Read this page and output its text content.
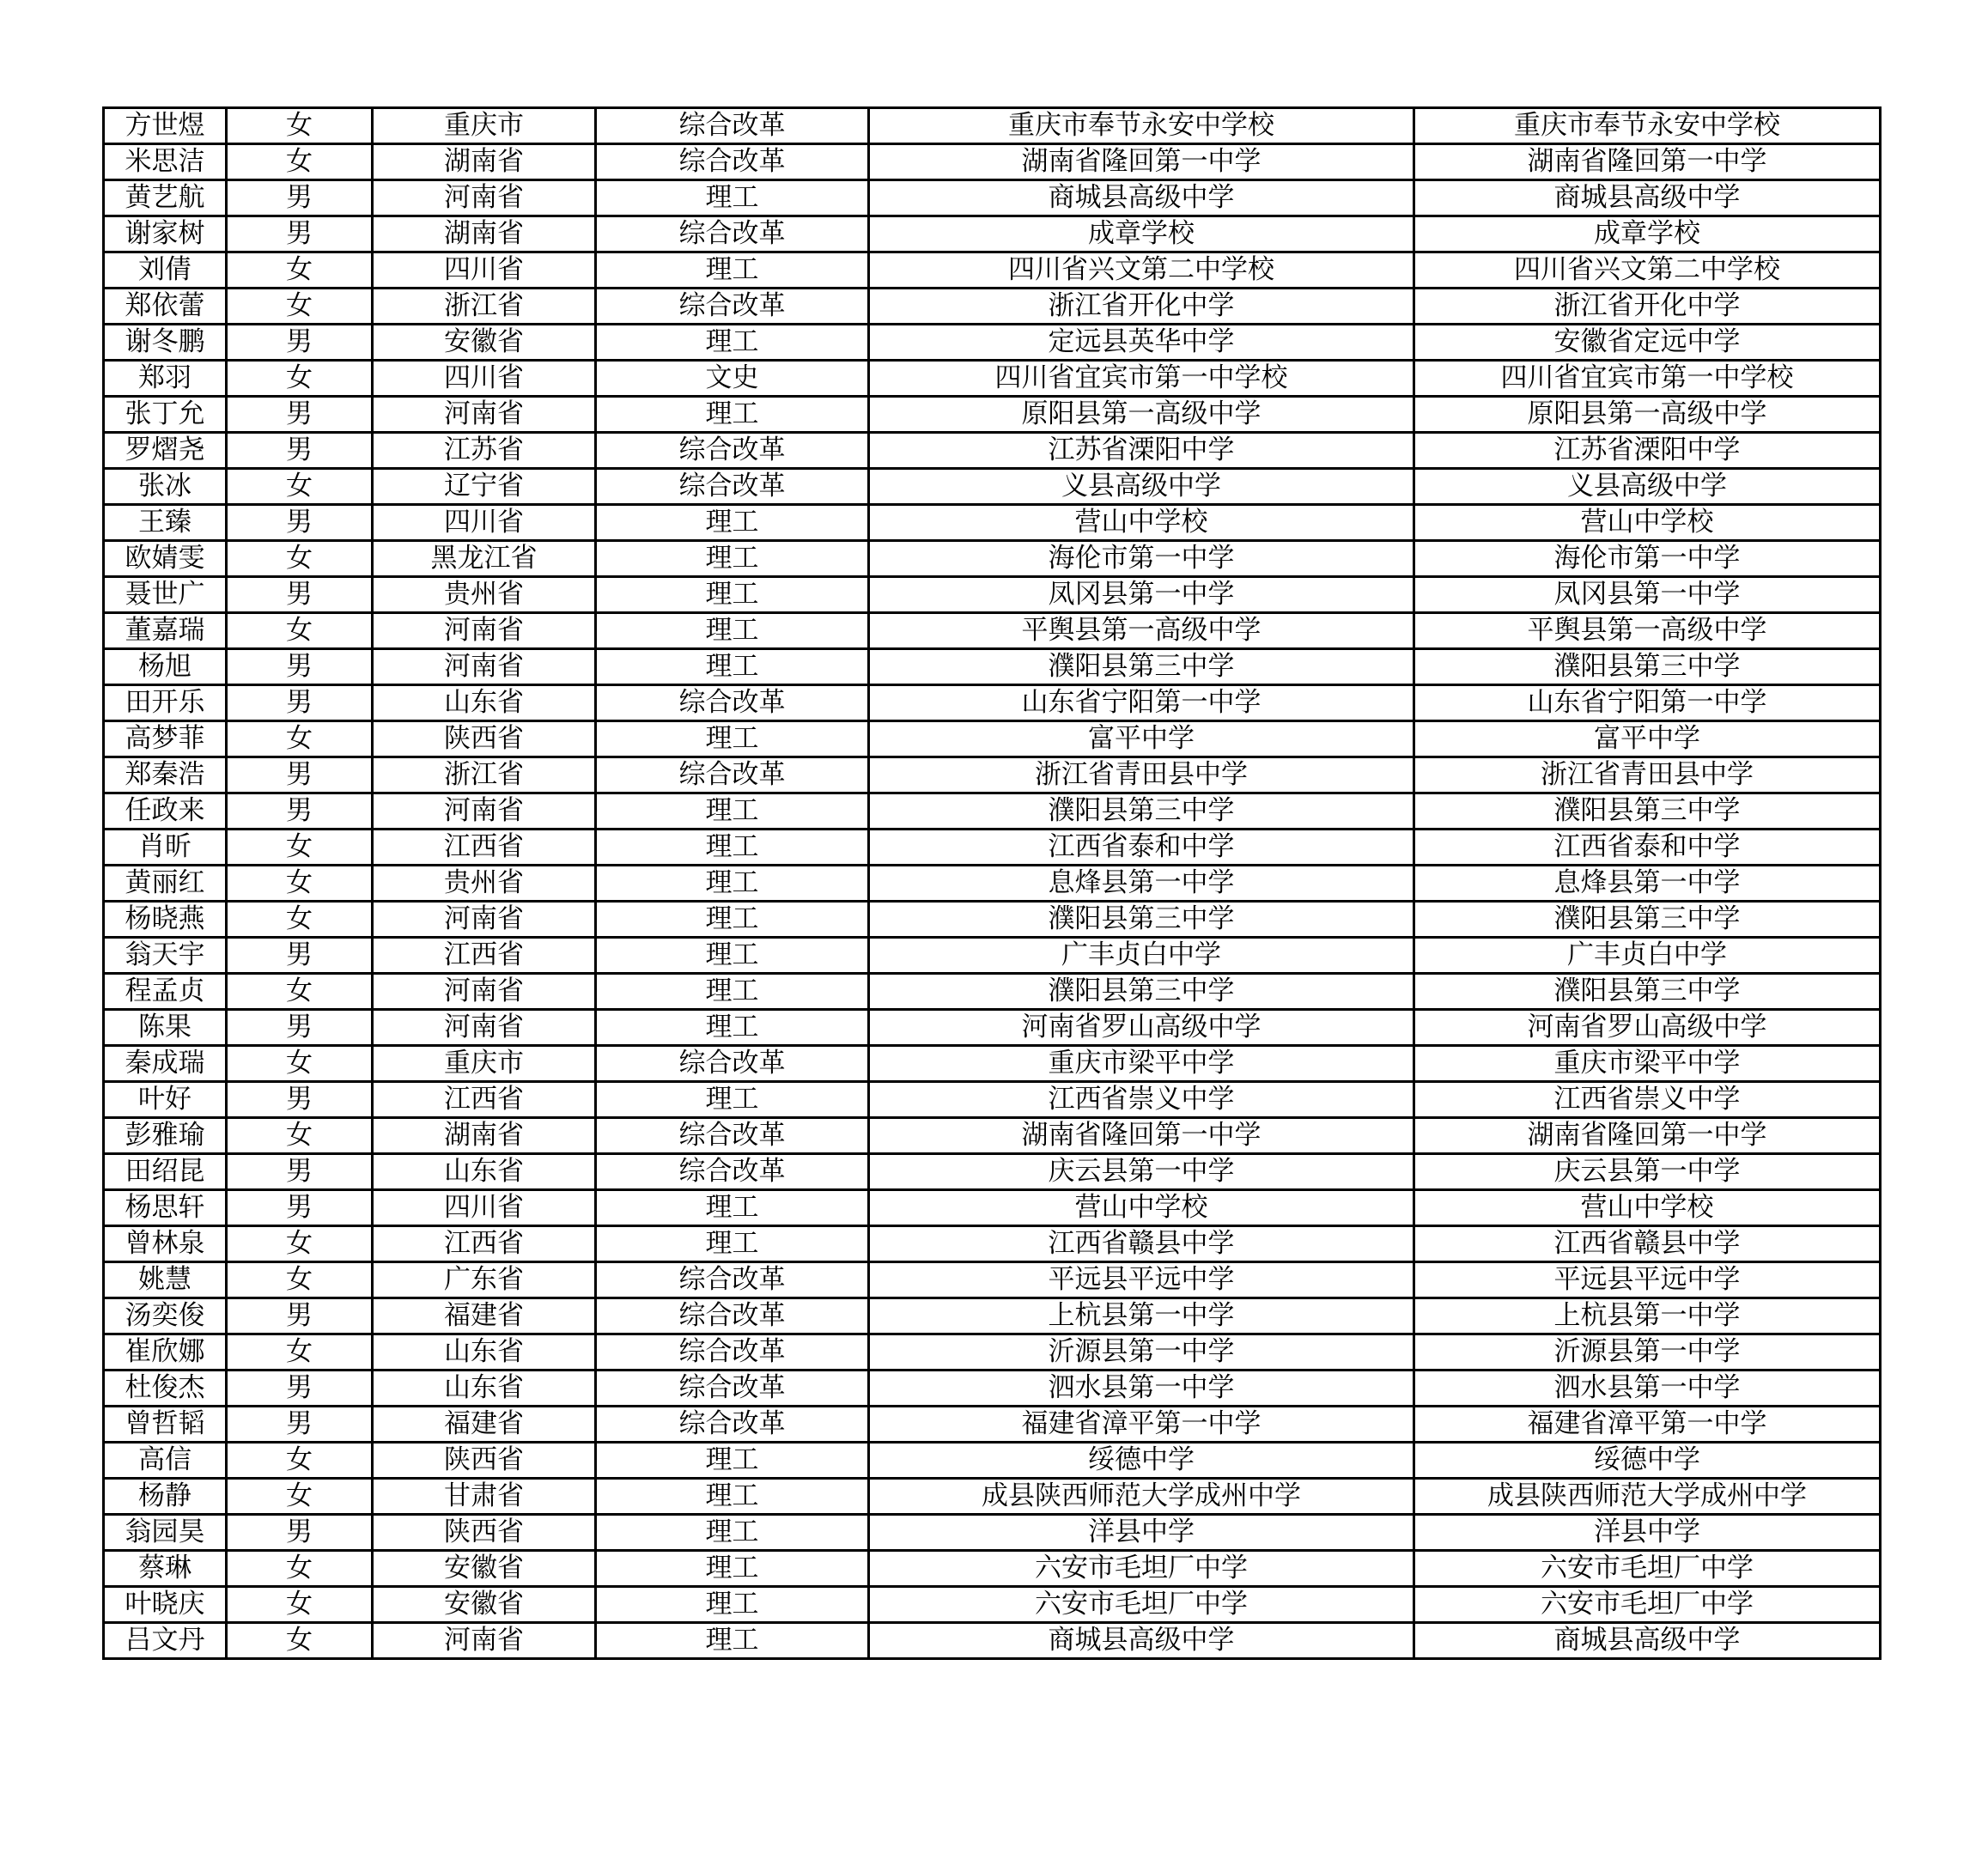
方世煜	女	重庆市	综合改革	重庆市奉节永安中学校	重庆市奉节永安中学校
米思洁	女	湖南省	综合改革	湖南省隆回第一中学	湖南省隆回第一中学
黄艺航	男	河南省	理工	商城县高级中学	商城县高级中学
谢家树	男	湖南省	综合改革	成章学校	成章学校
刘倩	女	四川省	理工	四川省兴文第二中学校	四川省兴文第二中学校
郑依蕾	女	浙江省	综合改革	浙江省开化中学	浙江省开化中学
谢冬鹏	男	安徽省	理工	定远县英华中学	安徽省定远中学
郑羽	女	四川省	文史	四川省宜宾市第一中学校	四川省宜宾市第一中学校
张丁允	男	河南省	理工	原阳县第一高级中学	原阳县第一高级中学
罗熠尧	男	江苏省	综合改革	江苏省溧阳中学	江苏省溧阳中学
张冰	女	辽宁省	综合改革	义县高级中学	义县高级中学
王臻	男	四川省	理工	营山中学校	营山中学校
欧婧雯	女	黑龙江省	理工	海伦市第一中学	海伦市第一中学
聂世广	男	贵州省	理工	凤冈县第一中学	凤冈县第一中学
董嘉瑞	女	河南省	理工	平舆县第一高级中学	平舆县第一高级中学
杨旭	男	河南省	理工	濮阳县第三中学	濮阳县第三中学
田开乐	男	山东省	综合改革	山东省宁阳第一中学	山东省宁阳第一中学
高梦菲	女	陕西省	理工	富平中学	富平中学
郑秦浩	男	浙江省	综合改革	浙江省青田县中学	浙江省青田县中学
任政来	男	河南省	理工	濮阳县第三中学	濮阳县第三中学
肖昕	女	江西省	理工	江西省泰和中学	江西省泰和中学
黄丽红	女	贵州省	理工	息烽县第一中学	息烽县第一中学
杨晓燕	女	河南省	理工	濮阳县第三中学	濮阳县第三中学
翁天宇	男	江西省	理工	广丰贞白中学	广丰贞白中学
程孟贞	女	河南省	理工	濮阳县第三中学	濮阳县第三中学
陈果	男	河南省	理工	河南省罗山高级中学	河南省罗山高级中学
秦成瑞	女	重庆市	综合改革	重庆市梁平中学	重庆市梁平中学
叶好	男	江西省	理工	江西省崇义中学	江西省崇义中学
彭雅瑜	女	湖南省	综合改革	湖南省隆回第一中学	湖南省隆回第一中学
田绍昆	男	山东省	综合改革	庆云县第一中学	庆云县第一中学
杨思轩	男	四川省	理工	营山中学校	营山中学校
曾林泉	女	江西省	理工	江西省赣县中学	江西省赣县中学
姚慧	女	广东省	综合改革	平远县平远中学	平远县平远中学
汤奕俊	男	福建省	综合改革	上杭县第一中学	上杭县第一中学
崔欣娜	女	山东省	综合改革	沂源县第一中学	沂源县第一中学
杜俊杰	男	山东省	综合改革	泗水县第一中学	泗水县第一中学
曾哲韬	男	福建省	综合改革	福建省漳平第一中学	福建省漳平第一中学
高信	女	陕西省	理工	绥德中学	绥德中学
杨静	女	甘肃省	理工	成县陕西师范大学成州中学	成县陕西师范大学成州中学
翁园昊	男	陕西省	理工	洋县中学	洋县中学
蔡琳	女	安徽省	理工	六安市毛坦厂中学	六安市毛坦厂中学
叶晓庆	女	安徽省	理工	六安市毛坦厂中学	六安市毛坦厂中学
吕文丹	女	河南省	理工	商城县高级中学	商城县高级中学
